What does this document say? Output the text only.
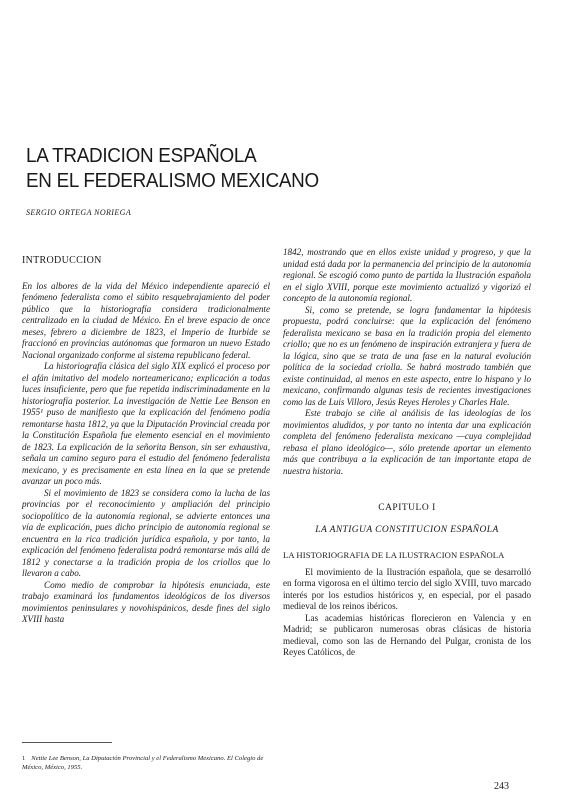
LA TRADICION ESPAÑOLA
EN EL FEDERALISMO MEXICANO
SERGIO ORTEGA NORIEGA
INTRODUCCION

En los albores de la vida del México independiente apareció el fenómeno federalista como el súbito resquebrajamiento del poder público que la historiografía considera tradicionalmente centralizado en la ciudad de México. En el breve espacio de once meses, febrero a diciembre de 1823, el Imperio de Iturbide se fraccionó en provincias autónomas que formaron un nuevo Estado Nacional organizado conforme al sistema republicano federal.

La historiografía clásica del siglo XIX explicó el proceso por el afán imitativo del modelo norteamericano; explicación a todas luces insuficiente, pero que fue repetida indiscriminadamente en la historiografía posterior. La investigación de Nettie Lee Benson en 1955¹ puso de manifiesto que la explicación del fenómeno podía remontarse hasta 1812, ya que la Diputación Provincial creada por la Constitución Española fue elemento esencial en el movimiento de 1823. La explicación de la señorita Benson, sin ser exhaustiva, señala un camino seguro para el estudio del fenómeno federalista mexicano, y es precisamente en esta línea en la que se pretende avanzar un poco más.

Si el movimiento de 1823 se considera como la lucha de las provincias por el reconocimiento y ampliación del principio sociopolítico de la autonomía regional, se advierte entonces una vía de explicación, pues dicho principio de autonomía regional se encuentra en la rica tradición jurídica española, y por tanto, la explicación del fenómeno federalista podrá remontarse más allá de 1812 y conectarse a la tradición propia de los criollos que lo llevaron a cabo.

Como medio de comprobar la hipótesis enunciada, este trabajo examinará los fundamentos ideológicos de los diversos movimientos peninsulares y novohispánicos, desde fines del siglo XVIII hasta

1842, mostrando que en ellos existe unidad y progreso, y que la unidad está dada por la permanencia del principio de la autonomía regional. Se escogió como punto de partida la Ilustración española en el siglo XVIII, porque este movimiento actualizó y vigorizó el concepto de la autonomía regional.

Si, como se pretende, se logra fundamentar la hipótesis propuesta, podrá concluirse: que la explicación del fenómeno federalista mexicano se basa en la tradición propia del elemento criollo; que no es un fenómeno de inspiración extranjera y fuera de la lógica, sino que se trata de una fase en la natural evolución política de la sociedad criolla. Se habrá mostrado también que existe continuidad, al menos en este aspecto, entre lo hispano y lo mexicano, confirmando algunas tesis de recientes investigaciones como las de Luis Villoro, Jesús Reyes Heroles y Charles Hale.

Este trabajo se ciñe al análisis de las ideologías de los movimientos aludidos, y por tanto no intenta dar una explicación completa del fenómeno federalista mexicano —cuya complejidad rebasa el plano ideológico—, sólo pretende aportar un elemento más que contribuya a la explicación de tan importante etapa de nuestra historia.

CAPITULO I
LA ANTIGUA CONSTITUCION ESPAÑOLA
LA HISTORIOGRAFIA DE LA ILUSTRACION ESPAÑOLA

El movimiento de la Ilustración española, que se desarrolló en forma vigorosa en el último tercio del siglo XVIII, tuvo marcado interés por los estudios históricos y, en especial, por el pasado medieval de los reinos ibéricos.

Las academias históricas florecieron en Valencia y en Madrid; se publicaron numerosas obras clásicas de historia medieval, como son las de Hernando del Pulgar, cronista de los Reyes Católicos, de

1 Nettie Lee Benson, La Diputación Provincial y el Federalismo Mexicano. El Colegio de México, México, 1955.
243
